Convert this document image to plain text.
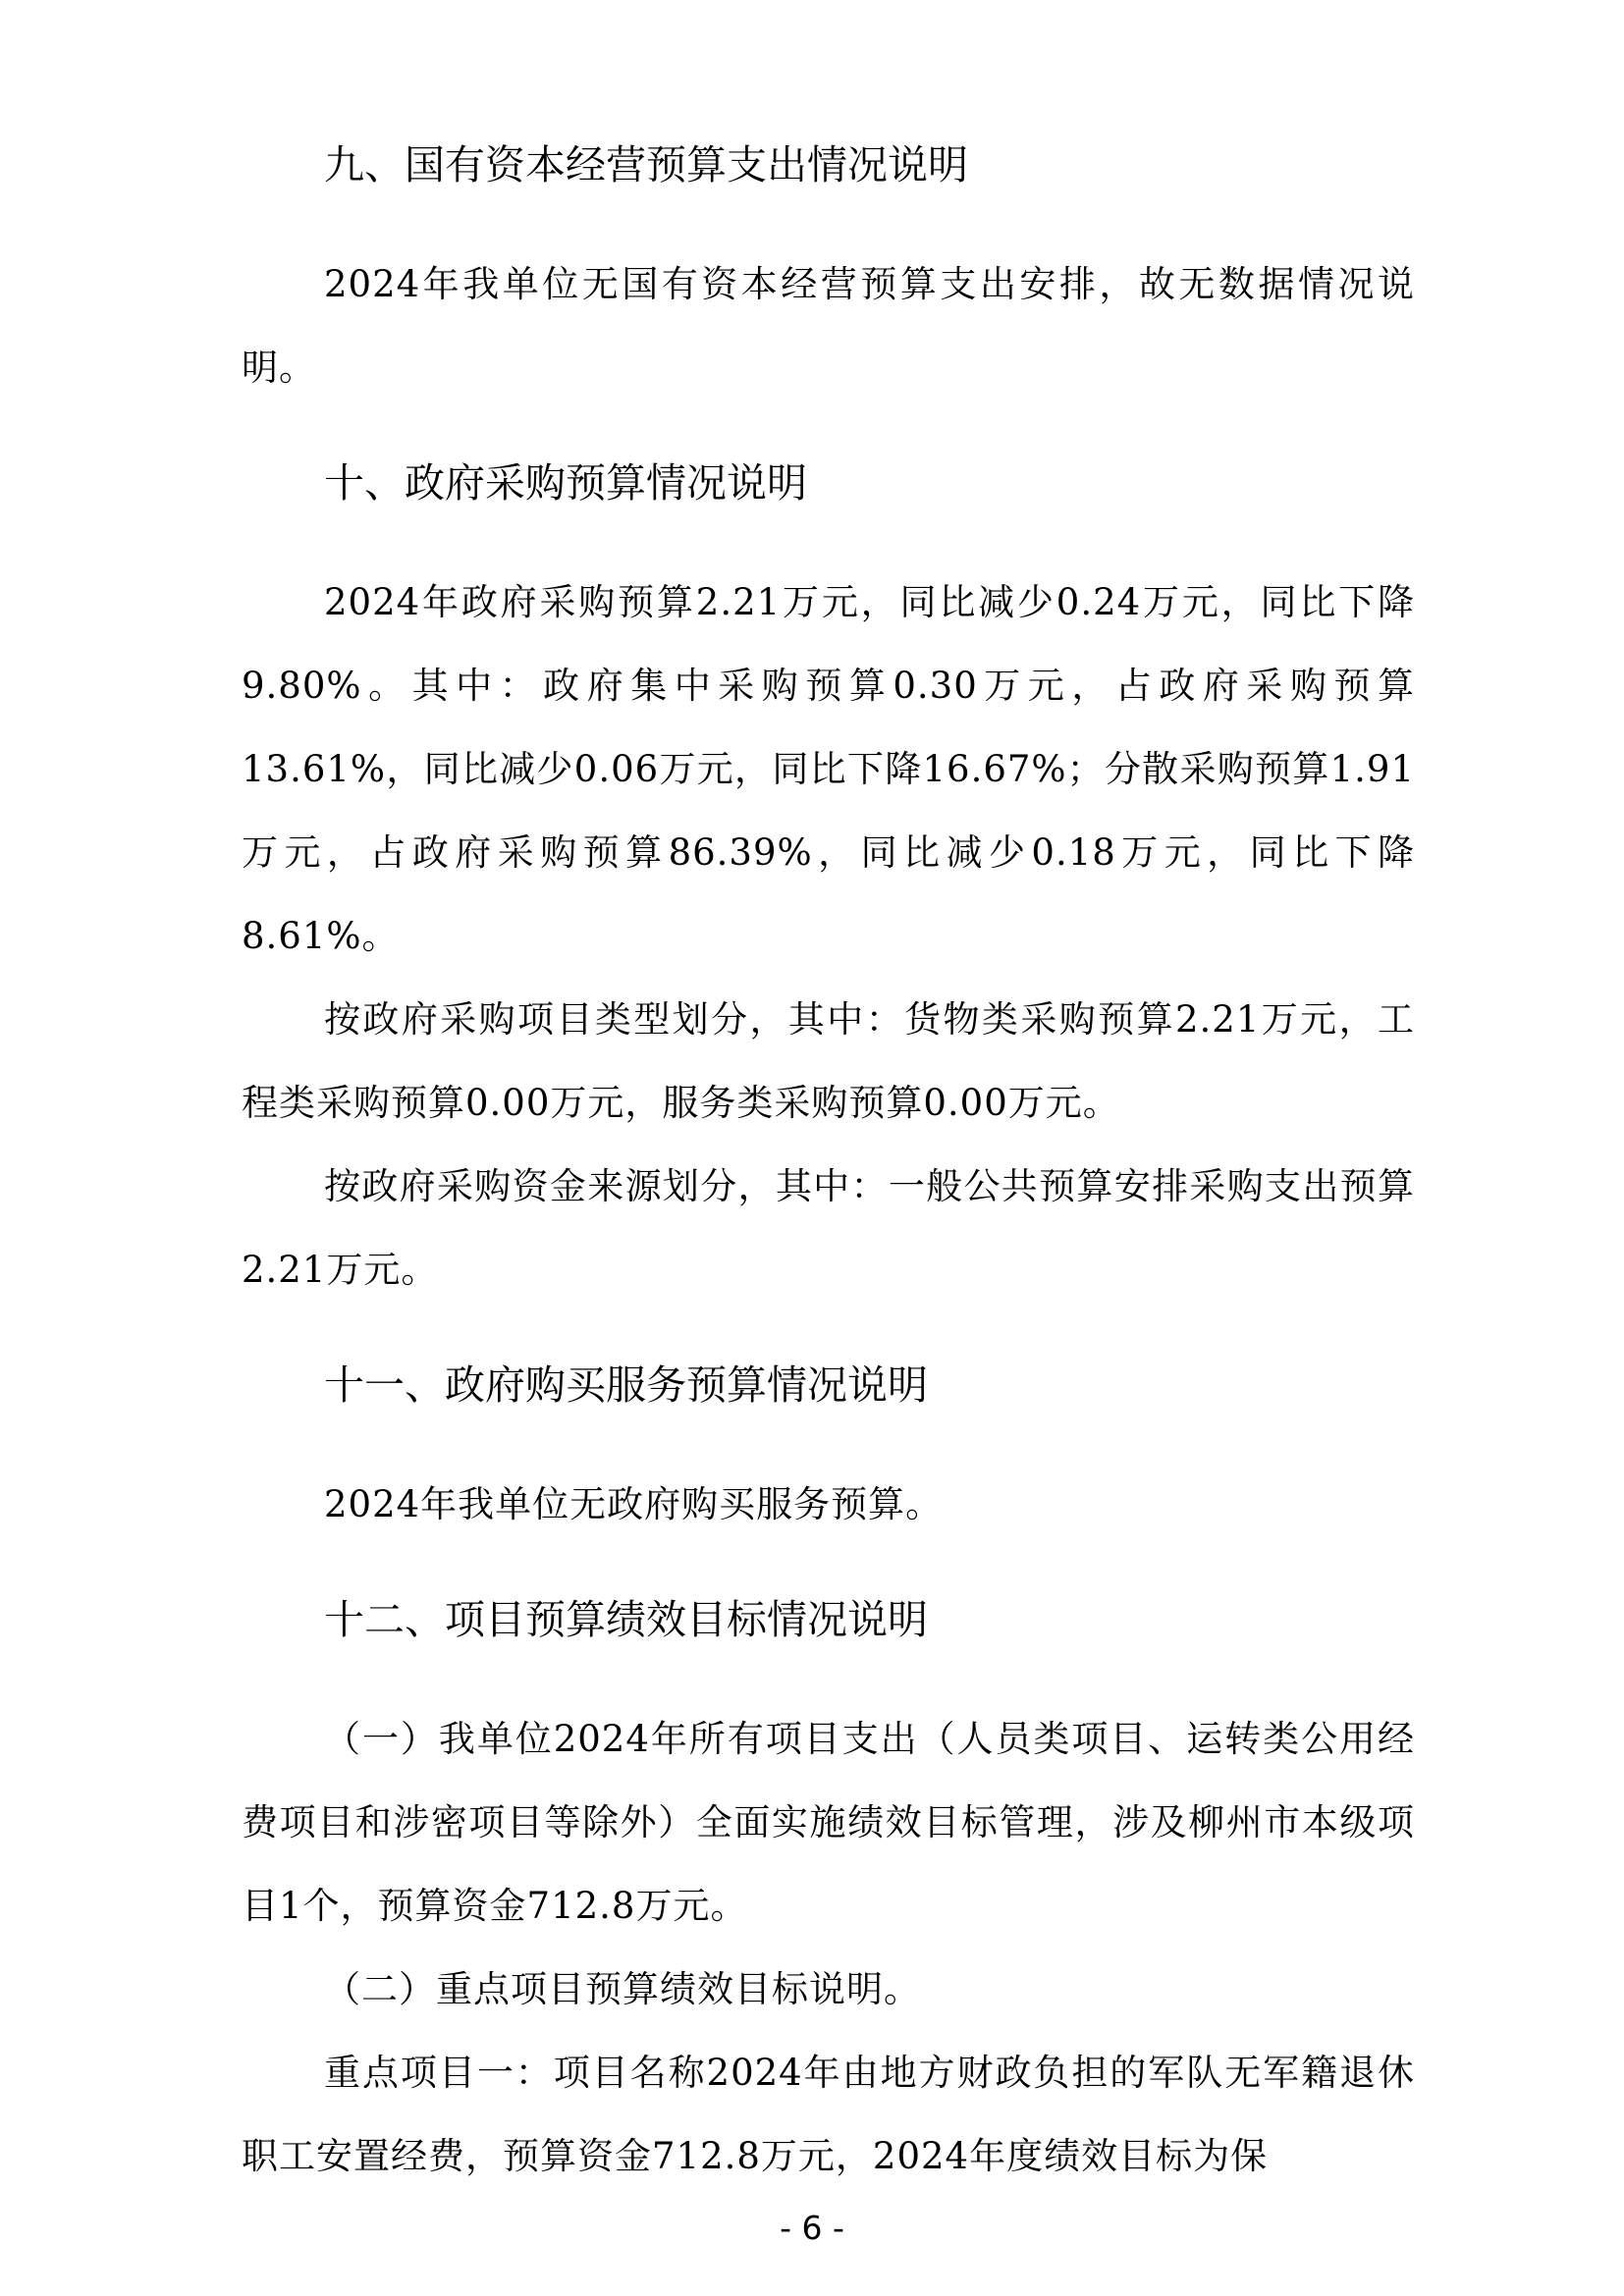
九、国有资本经营预算支出情况说明

2024年我单位无国有资本经营预算支出安排，故无数据情况说明。

十、政府采购预算情况说明

2024年政府采购预算2.21万元，同比减少0.24万元，同比下降9.80%。其中：政府集中采购预算0.30万元，占政府采购预算13.61%，同比减少0.06万元，同比下降16.67%；分散采购预算1.91万元，占政府采购预算86.39%，同比减少0.18万元，同比下降8.61%。

按政府采购项目类型划分，其中：货物类采购预算2.21万元，工程类采购预算0.00万元，服务类采购预算0.00万元。

按政府采购资金来源划分，其中：一般公共预算安排采购支出预算2.21万元。

十一、政府购买服务预算情况说明

2024年我单位无政府购买服务预算。

十二、项目预算绩效目标情况说明

（一）我单位2024年所有项目支出（人员类项目、运转类公用经费项目和涉密项目等除外）全面实施绩效目标管理，涉及柳州市本级项目1个，预算资金712.8万元。

（二）重点项目预算绩效目标说明。

重点项目一：项目名称2024年由地方财政负担的军队无军籍退休职工安置经费，预算资金712.8万元，2024年度绩效目标为保

- 6 -
